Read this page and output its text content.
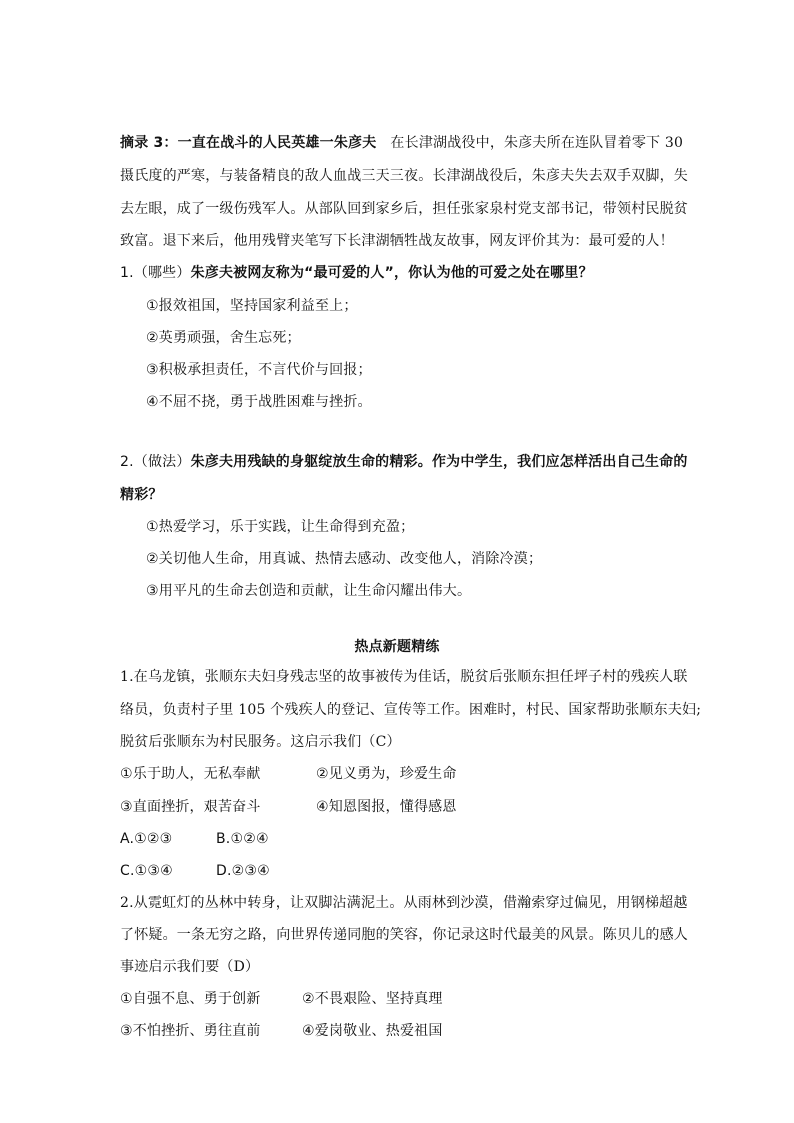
摘录 3：一直在战斗的人民英雄一朱彦夫 在长津湖战役中，朱彦夫所在连队冒着零下 30
摄氏度的严寒，与装备精良的敌人血战三天三夜。长津湖战役后，朱彦夫失去双手双脚，失
去左眼，成了一级伤残军人。从部队回到家乡后，担任张家泉村党支部书记，带领村民脱贫
致富。退下来后，他用残臂夹笔写下长津湖牺牲战友故事，网友评价其为：最可爱的人！
1.（哪些）朱彦夫被网友称为“最可爱的人”，你认为他的可爱之处在哪里？
①报效祖国，坚持国家利益至上；
②英勇顽强，舍生忘死；
③积极承担责任，不言代价与回报；
④不屈不挠，勇于战胜困难与挫折。
2.（做法）朱彦夫用残缺的身躯绽放生命的精彩。作为中学生，我们应怎样活出自己生命的
精彩？
①热爱学习，乐于实践，让生命得到充盈；
②关切他人生命，用真诚、热情去感动、改变他人，消除冷漠；
③用平凡的生命去创造和贡献，让生命闪耀出伟大。
热点新题精练
1.在乌龙镇，张顺东夫妇身残志坚的故事被传为佳话，脱贫后张顺东担任坪子村的残疾人联
络员，负责村子里 105 个残疾人的登记、宣传等工作。困难时，村民、国家帮助张顺东夫妇;
脱贫后张顺东为村民服务。这启示我们（C）
①乐于助人，无私奉献	②见义勇为，珍爱生命
③直面挫折，艰苦奋斗	④知恩图报，懂得感恩
A.①②③	B.①②④
C.①③④	D.②③④
2.从霓虹灯的丛林中转身，让双脚沾满泥土。从雨林到沙漠，借瀚索穿过偏见，用钢梯超越
了怀疑。一条无穷之路，向世界传递同胞的笑容，你记录这时代最美的风景。陈贝儿的感人
事迹启示我们要（D）
①自强不息、勇于创新	②不畏艰险、坚持真理
③不怕挫折、勇往直前	④爱岗敬业、热爱祖国
